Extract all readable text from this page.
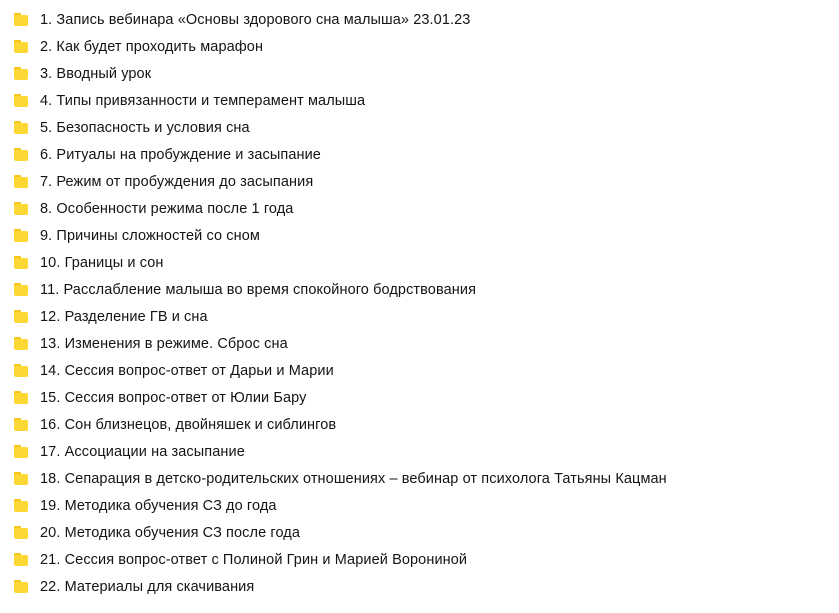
1. Запись вебинара «Основы здорового сна малыша» 23.01.23
2. Как будет проходить марафон
3. Вводный урок
4. Типы привязанности и темперамент малыша
5. Безопасность и условия сна
6. Ритуалы на пробуждение и засыпание
7. Режим от пробуждения до засыпания
8. Особенности режима после 1 года
9. Причины сложностей со сном
10. Границы и сон
11. Расслабление малыша во время спокойного бодрствования
12. Разделение ГВ и сна
13. Изменения в режиме. Сброс сна
14. Сессия вопрос-ответ от Дарьи и Марии
15. Сессия вопрос-ответ от Юлии Бару
16. Сон близнецов, двойняшек и сиблингов
17. Ассоциации на засыпание
18. Сепарация в детско-родительских отношениях – вебинар от психолога Татьяны Кацман
19. Методика обучения СЗ до года
20. Методика обучения СЗ после года
21. Сессия вопрос-ответ с Полиной Грин и Марией Ворониной
22. Материалы для скачивания
